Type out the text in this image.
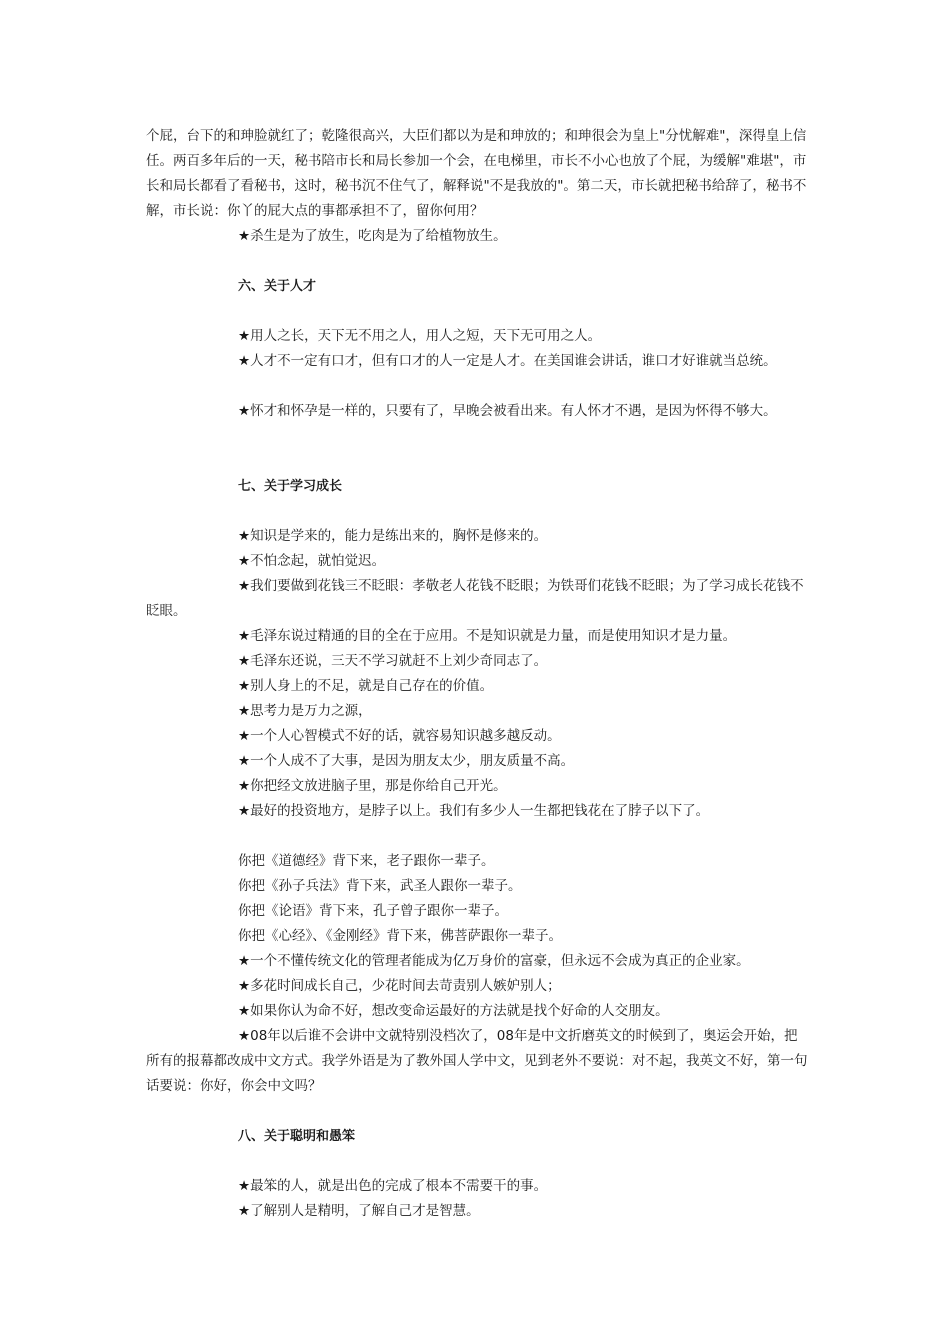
个屁，台下的和珅脸就红了；乾隆很高兴，大臣们都以为是和珅放的；和珅很会为皇上"分忧解难"，深得皇上信任。两百多年后的一天，秘书陪市长和局长参加一个会，在电梯里，市长不小心也放了个屁，为缓解"难堪"，市长和局长都看了看秘书，这时，秘书沉不住气了，解释说"不是我放的"。第二天，市长就把秘书给辞了，秘书不解，市长说：你丫的屁大点的事都承担不了，留你何用？

★杀生是为了放生，吃肉是为了给植物放生。

六、关于人才

★用人之长，天下无不用之人，用人之短，天下无可用之人。

★人才不一定有口才，但有口才的人一定是人才。在美国谁会讲话，谁口才好谁就当总统。

★怀才和怀孕是一样的，只要有了，早晚会被看出来。有人怀才不遇，是因为怀得不够大。

七、关于学习成长

★知识是学来的，能力是练出来的，胸怀是修来的。

★不怕念起，就怕觉迟。

★我们要做到花钱三不眨眼：孝敬老人花钱不眨眼；为铁哥们花钱不眨眼；为了学习成长花钱不眨眼。

★毛泽东说过精通的目的全在于应用。不是知识就是力量，而是使用知识才是力量。

★毛泽东还说，三天不学习就赶不上刘少奇同志了。

★别人身上的不足，就是自己存在的价值。

★思考力是万力之源，

★一个人心智模式不好的话，就容易知识越多越反动。

★一个人成不了大事，是因为朋友太少，朋友质量不高。

★你把经文放进脑子里，那是你给自己开光。

★最好的投资地方，是脖子以上。我们有多少人一生都把钱花在了脖子以下了。

你把《道德经》背下来，老子跟你一辈子。

你把《孙子兵法》背下来，武圣人跟你一辈子。

你把《论语》背下来，孔子曾子跟你一辈子。

你把《心经》、《金刚经》背下来，佛菩萨跟你一辈子。

★一个不懂传统文化的管理者能成为亿万身价的富豪，但永远不会成为真正的企业家。

★多花时间成长自己，少花时间去苛责别人嫉妒别人；

★如果你认为命不好，想改变命运最好的方法就是找个好命的人交朋友。

★08年以后谁不会讲中文就特别没档次了，08年是中文折磨英文的时候到了，奥运会开始，把所有的报幕都改成中文方式。我学外语是为了教外国人学中文，见到老外不要说：对不起，我英文不好，第一句话要说：你好，你会中文吗？

八、关于聪明和愚笨

★最笨的人，就是出色的完成了根本不需要干的事。

★了解别人是精明，了解自己才是智慧。
